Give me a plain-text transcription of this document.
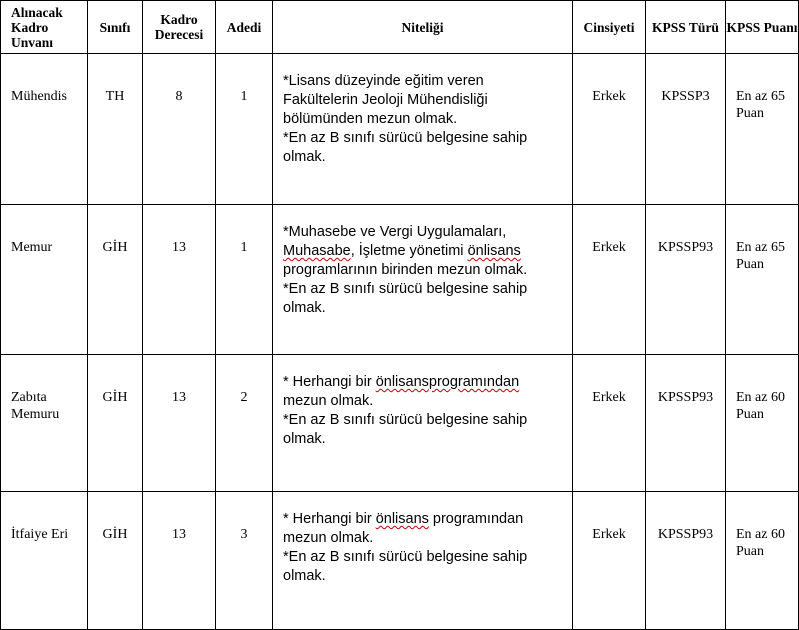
Alınacak Kadro Unvanı	Sınıfı	Kadro Derecesi	Adedi	Niteliği	Cinsiyeti	KPSS Türü	KPSS Puanı
Mühendis	TH	8	1	*Lisans düzeyinde eğitim veren
Fakültelerin Jeoloji Mühendisliği
bölümünden mezun olmak.
*En az B sınıfı sürücü belgesine sahip
olmak.	Erkek	KPSSP3	En az 65 Puan
Memur	GİH	13	1	*Muhasebe ve Vergi Uygulamaları,
Muhasabe, İşletme yönetimi önlisans
programlarının birinden mezun olmak.
*En az B sınıfı sürücü belgesine sahip
olmak.	Erkek	KPSSP93	En az 65 Puan
Zabıta Memuru	GİH	13	2	* Herhangi bir önlisansprogramından
mezun olmak.
*En az B sınıfı sürücü belgesine sahip
olmak.	Erkek	KPSSP93	En az 60 Puan
İtfaiye Eri	GİH	13	3	* Herhangi bir önlisans programından
mezun olmak.
*En az B sınıfı sürücü belgesine sahip
olmak.	Erkek	KPSSP93	En az 60 Puan
